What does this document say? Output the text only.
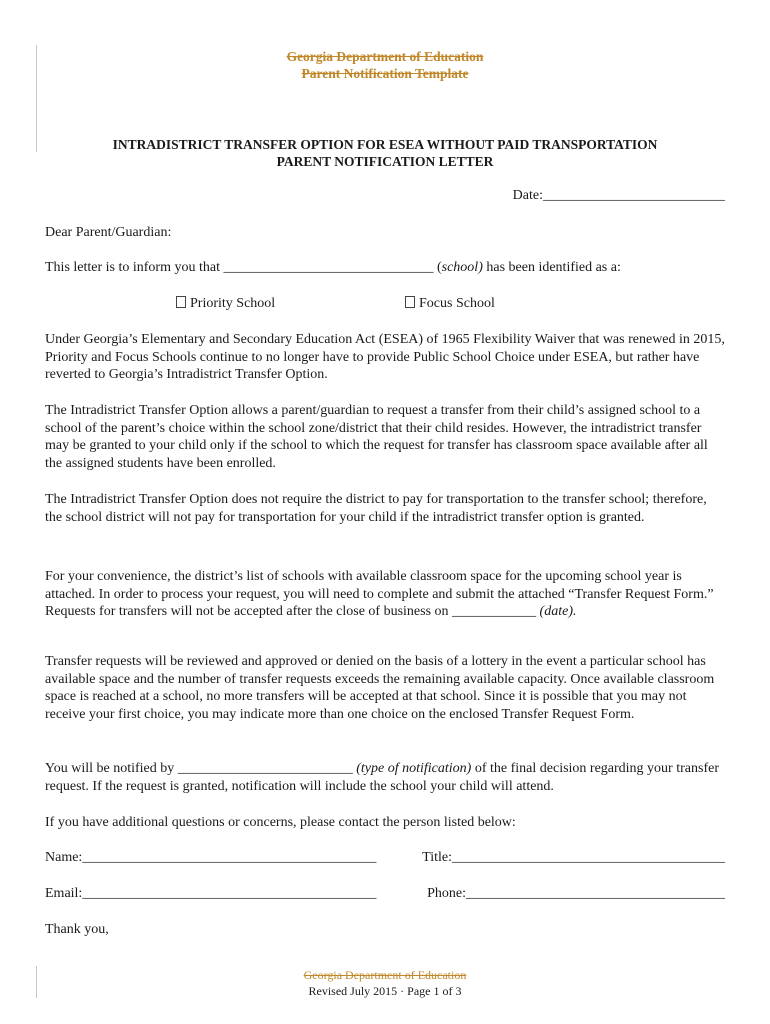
Georgia Department of Education
Parent Notification Template
INTRADISTRICT TRANSFER OPTION FOR ESEA WITHOUT PAID TRANSPORTATION
PARENT NOTIFICATION LETTER
Date:__________________________

Dear Parent/Guardian:

This letter is to inform you that ______________________________ (school) has been identified as a:

Priority School	Focus School

Under Georgia’s Elementary and Secondary Education Act (ESEA) of 1965 Flexibility Waiver that was renewed in 2015, Priority and Focus Schools continue to no longer have to provide Public School Choice under ESEA, but rather have reverted to Georgia’s Intradistrict Transfer Option.

The Intradistrict Transfer Option allows a parent/guardian to request a transfer from their child’s assigned school to a school of the parent’s choice within the school zone/district that their child resides. However, the intradistrict transfer may be granted to your child only if the school to which the request for transfer has classroom space available after all the assigned students have been enrolled.

The Intradistrict Transfer Option does not require the district to pay for transportation to the transfer school; therefore, the school district will not pay for transportation for your child if the intradistrict transfer option is granted.

For your convenience, the district’s list of schools with available classroom space for the upcoming school year is attached. In order to process your request, you will need to complete and submit the attached “Transfer Request Form.” Requests for transfers will not be accepted after the close of business on ____________ (date).

Transfer requests will be reviewed and approved or denied on the basis of a lottery in the event a particular school has available space and the number of transfer requests exceeds the remaining available capacity. Once available classroom space is reached at a school, no more transfers will be accepted at that school. Since it is possible that you may not receive your first choice, you may indicate more than one choice on the enclosed Transfer Request Form.

You will be notified by _________________________ (type of notification) of the final decision regarding your transfer request. If the request is granted, notification will include the school your child will attend.

If you have additional questions or concerns, please contact the person listed below:

Name:__________________________________________	Title:_______________________________________
Email:__________________________________________	Phone:_____________________________________

Thank you,

Georgia Department of Education
Revised July 2015 · Page 1 of 3
